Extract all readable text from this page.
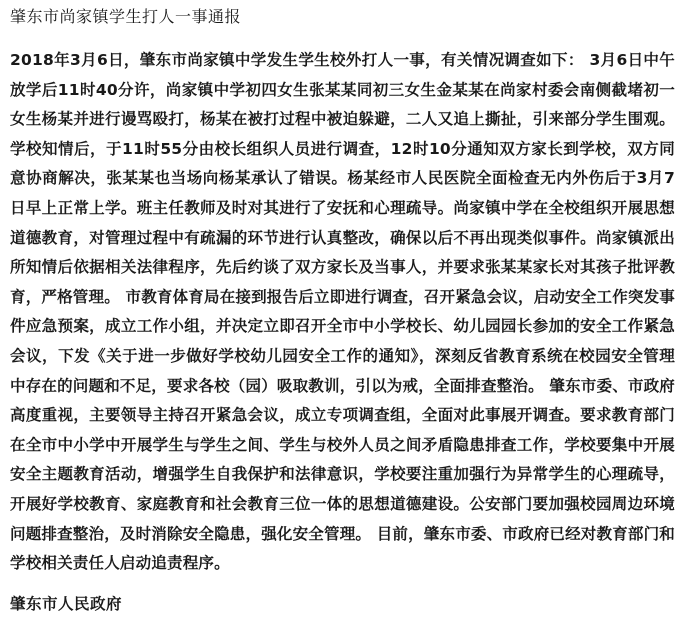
肇东市尚家镇学生打人一事通报

2018年3月6日，肇东市尚家镇中学发生学生校外打人一事，有关情况调查如下： 3月6日中午放学后11时40分许，尚家镇中学初四女生张某某同初三女生金某某在尚家村委会南侧截堵初一女生杨某并进行谩骂殴打，杨某在被打过程中被迫躲避，二人又追上撕扯，引来部分学生围观。 学校知情后，于11时55分由校长组织人员进行调查，12时10分通知双方家长到学校，双方同意协商解决，张某某也当场向杨某承认了错误。杨某经市人民医院全面检查无内外伤后于3月7日早上正常上学。班主任教师及时对其进行了安抚和心理疏导。尚家镇中学在全校组织开展思想道德教育，对管理过程中有疏漏的环节进行认真整改，确保以后不再出现类似事件。尚家镇派出所知情后依据相关法律程序，先后约谈了双方家长及当事人，并要求张某某家长对其孩子批评教育，严格管理。 市教育体育局在接到报告后立即进行调查，召开紧急会议，启动安全工作突发事件应急预案，成立工作小组，并决定立即召开全市中小学校长、幼儿园园长参加的安全工作紧急会议，下发《关于进一步做好学校幼儿园安全工作的通知》，深刻反省教育系统在校园安全管理中存在的问题和不足，要求各校（园）吸取教训，引以为戒，全面排查整治。 肇东市委、市政府高度重视，主要领导主持召开紧急会议，成立专项调查组，全面对此事展开调查。要求教育部门在全市中小学中开展学生与学生之间、学生与校外人员之间矛盾隐患排查工作，学校要集中开展安全主题教育活动，增强学生自我保护和法律意识，学校要注重加强行为异常学生的心理疏导，开展好学校教育、家庭教育和社会教育三位一体的思想道德建设。公安部门要加强校园周边环境问题排查整治，及时消除安全隐患，强化安全管理。 目前，肇东市委、市政府已经对教育部门和学校相关责任人启动追责程序。

肇东市人民政府
